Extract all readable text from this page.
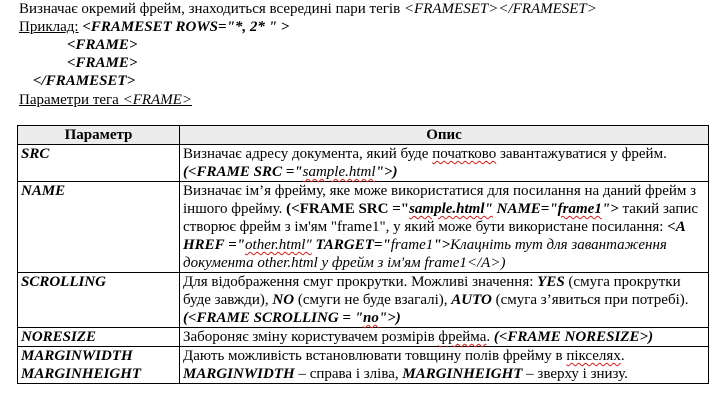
Визначає окремий фрейм, знаходиться всередині пари тегів <FRAMESET></FRAMESET>
Приклад: <FRAMESET ROWS="*, 2* " >
<FRAME>
<FRAME>
</FRAMESET>
Параметри тега <FRAME>
Параметр	Опис

SRC	Визначає адресу документа, який буде початково завантажуватися у фрейм. (<FRAME SRC ="sample.html">)

NAME	Визначає ім’я фрейму, яке може використатися для посилання на даний фрейм з іншого фрейму. (<FRAME SRC ="sample.html" NAME="frame1"> такий запис створює фрейм з ім'ям "frame1", у який може бути використане посилання: <A HREF ="other.html" TARGET="frame1">Клацніть тут для завантаження документа other.html у фрейм з ім'ям frame1</A>)

SCROLLING	Для відображення смуг прокрутки. Можливі значення: YES (смуга прокрутки буде завжди), NO (смуги не буде взагалі), AUTO (смуга з’явиться при потребі). (<FRAME SCROLLING = "no">)

NORESIZE	Забороняє зміну користувачем розмірів фрейма. (<FRAME NORESIZE>)

MARGINWIDTH
MARGINHEIGHT	Дають можливість встановлювати товщину полів фрейму в пікселях. MARGINWIDTH – справа і зліва, MARGINHEIGHT – зверху і знизу.
